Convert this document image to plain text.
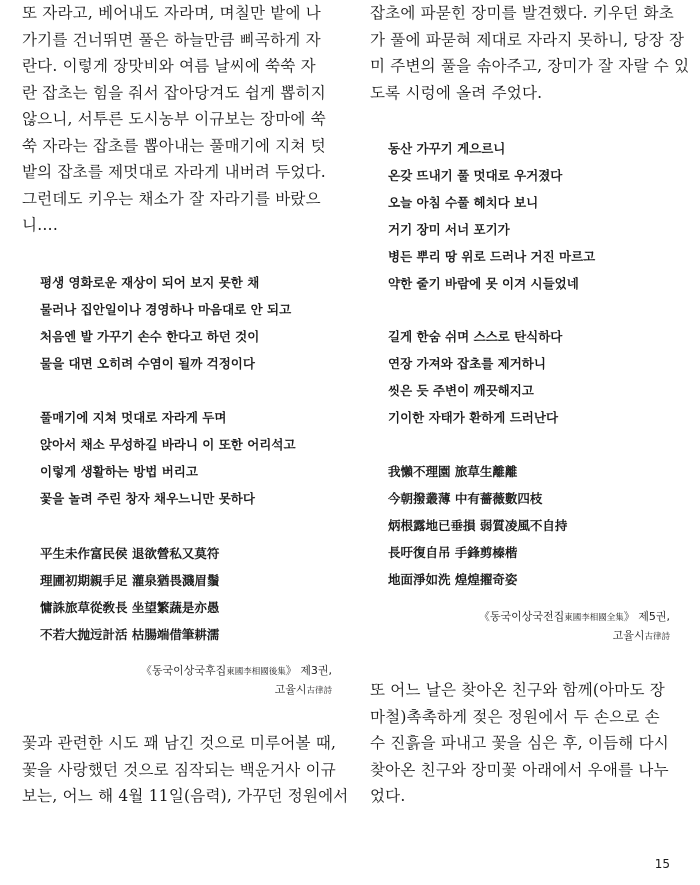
또 자라고, 베어내도 자라며, 며칠만 밭에 나
가기를 건너뛰면 풀은 하늘만큼 삐곡하게 자
란다. 이렇게 장맛비와 여름 날씨에 쑥쑥 자
란 잡초는 힘을 줘서 잡아당겨도 쉽게 뽑히지
않으니, 서투른 도시농부 이규보는 장마에 쑥
쑥 자라는 잡초를 뽑아내는 풀매기에 지쳐 텃
밭의 잡초를 제멋대로 자라게 내버려 두었다.
그런데도 키우는 채소가 잘 자라기를 바랐으
니….

평생 영화로운 재상이 되어 보지 못한 채
물러나 집안일이나 경영하나 마음대로 안 되고
처음엔 발 가꾸기 손수 한다고 하던 것이
물을 대면 오히려 수염이 될까 걱정이다
풀매기에 지쳐 멋대로 자라게 두며
앉아서 채소 무성하길 바라니 이 또한 어리석고
이렇게 생활하는 방법 버리고
꽃을 놀려 주린 창자 채우느니만 못하다
平生未作富民侯 退欲營私又莫符
理圃初期親手足 灌泉猶畏濺眉鬚
慵誅旅草從敎長 坐望繁蔬是亦愚
不若大抛迃計活 枯腸端借筆耕濡
《동국이상국후집東國李相國後集》 제3권,
고율시古律詩

꽃과 관련한 시도 꽤 남긴 것으로 미루어볼 때,
꽃을 사랑했던 것으로 짐작되는 백운거사 이규
보는, 어느 해 4월 11일(음력), 가꾸던 정원에서

잡초에 파묻힌 장미를 발견했다. 키우던 화초
가 풀에 파묻혀 제대로 자라지 못하니, 당장 장
미 주변의 풀을 솎아주고, 장미가 잘 자랄 수 있
도록 시렁에 올려 주었다.

동산 가꾸기 게으르니
온갖 뜨내기 풀 멋대로 우거졌다
오늘 아침 수풀 헤치다 보니
거기 장미 서너 포기가
병든 뿌리 땅 위로 드러나 거진 마르고
약한 줄기 바람에 못 이겨 시들었네
길게 한숨 쉬며 스스로 탄식하다
연장 가져와 잡초를 제거하니
씻은 듯 주변이 깨끗해지고
기이한 자태가 환하게 드러난다
我懶不理園 旅草生離離
今朝撥叢薄 中有薔薇數四枝
炳根露地已垂損 弱質凌風不自持
長吁復自吊 手鋒剪榛楷
地面淨如洗 煌煌擢奇姿
《동국이상국전집東國李相國全集》 제5권,
고율시古律詩

또 어느 날은 찾아온 친구와 함께(아마도 장
마철)촉촉하게 젖은 정원에서 두 손으로 손
수 진흙을 파내고 꽃을 심은 후, 이듬해 다시
찾아온 친구와 장미꽃 아래에서 우애를 나누
었다.

15
